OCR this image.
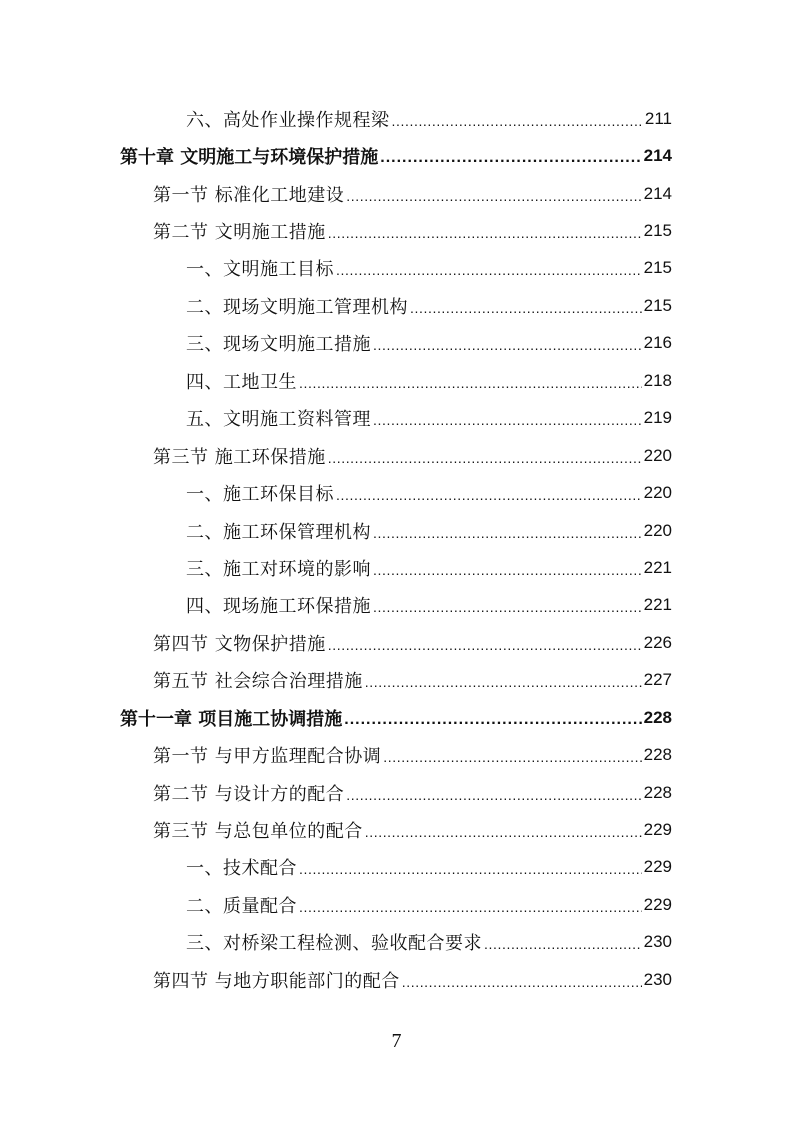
六、高处作业操作规程梁 .....	211
第十章 文明施工与环境保护措施 .....	214
第一节 标准化工地建设 .....	214
第二节 文明施工措施 .....	215
一、文明施工目标 .....	215
二、现场文明施工管理机构 .....	215
三、现场文明施工措施 .....	216
四、工地卫生 .....	218
五、文明施工资料管理 .....	219
第三节 施工环保措施 .....	220
一、施工环保目标 .....	220
二、施工环保管理机构 .....	220
三、施工对环境的影响 .....	221
四、现场施工环保措施 .....	221
第四节 文物保护措施 .....	226
第五节 社会综合治理措施 .....	227
第十一章 项目施工协调措施 .....	228
第一节 与甲方监理配合协调 .....	228
第二节 与设计方的配合 .....	228
第三节 与总包单位的配合 .....	229
一、技术配合 .....	229
二、质量配合 .....	229
三、对桥梁工程检测、验收配合要求 .....	230
第四节 与地方职能部门的配合 .....	230
7
